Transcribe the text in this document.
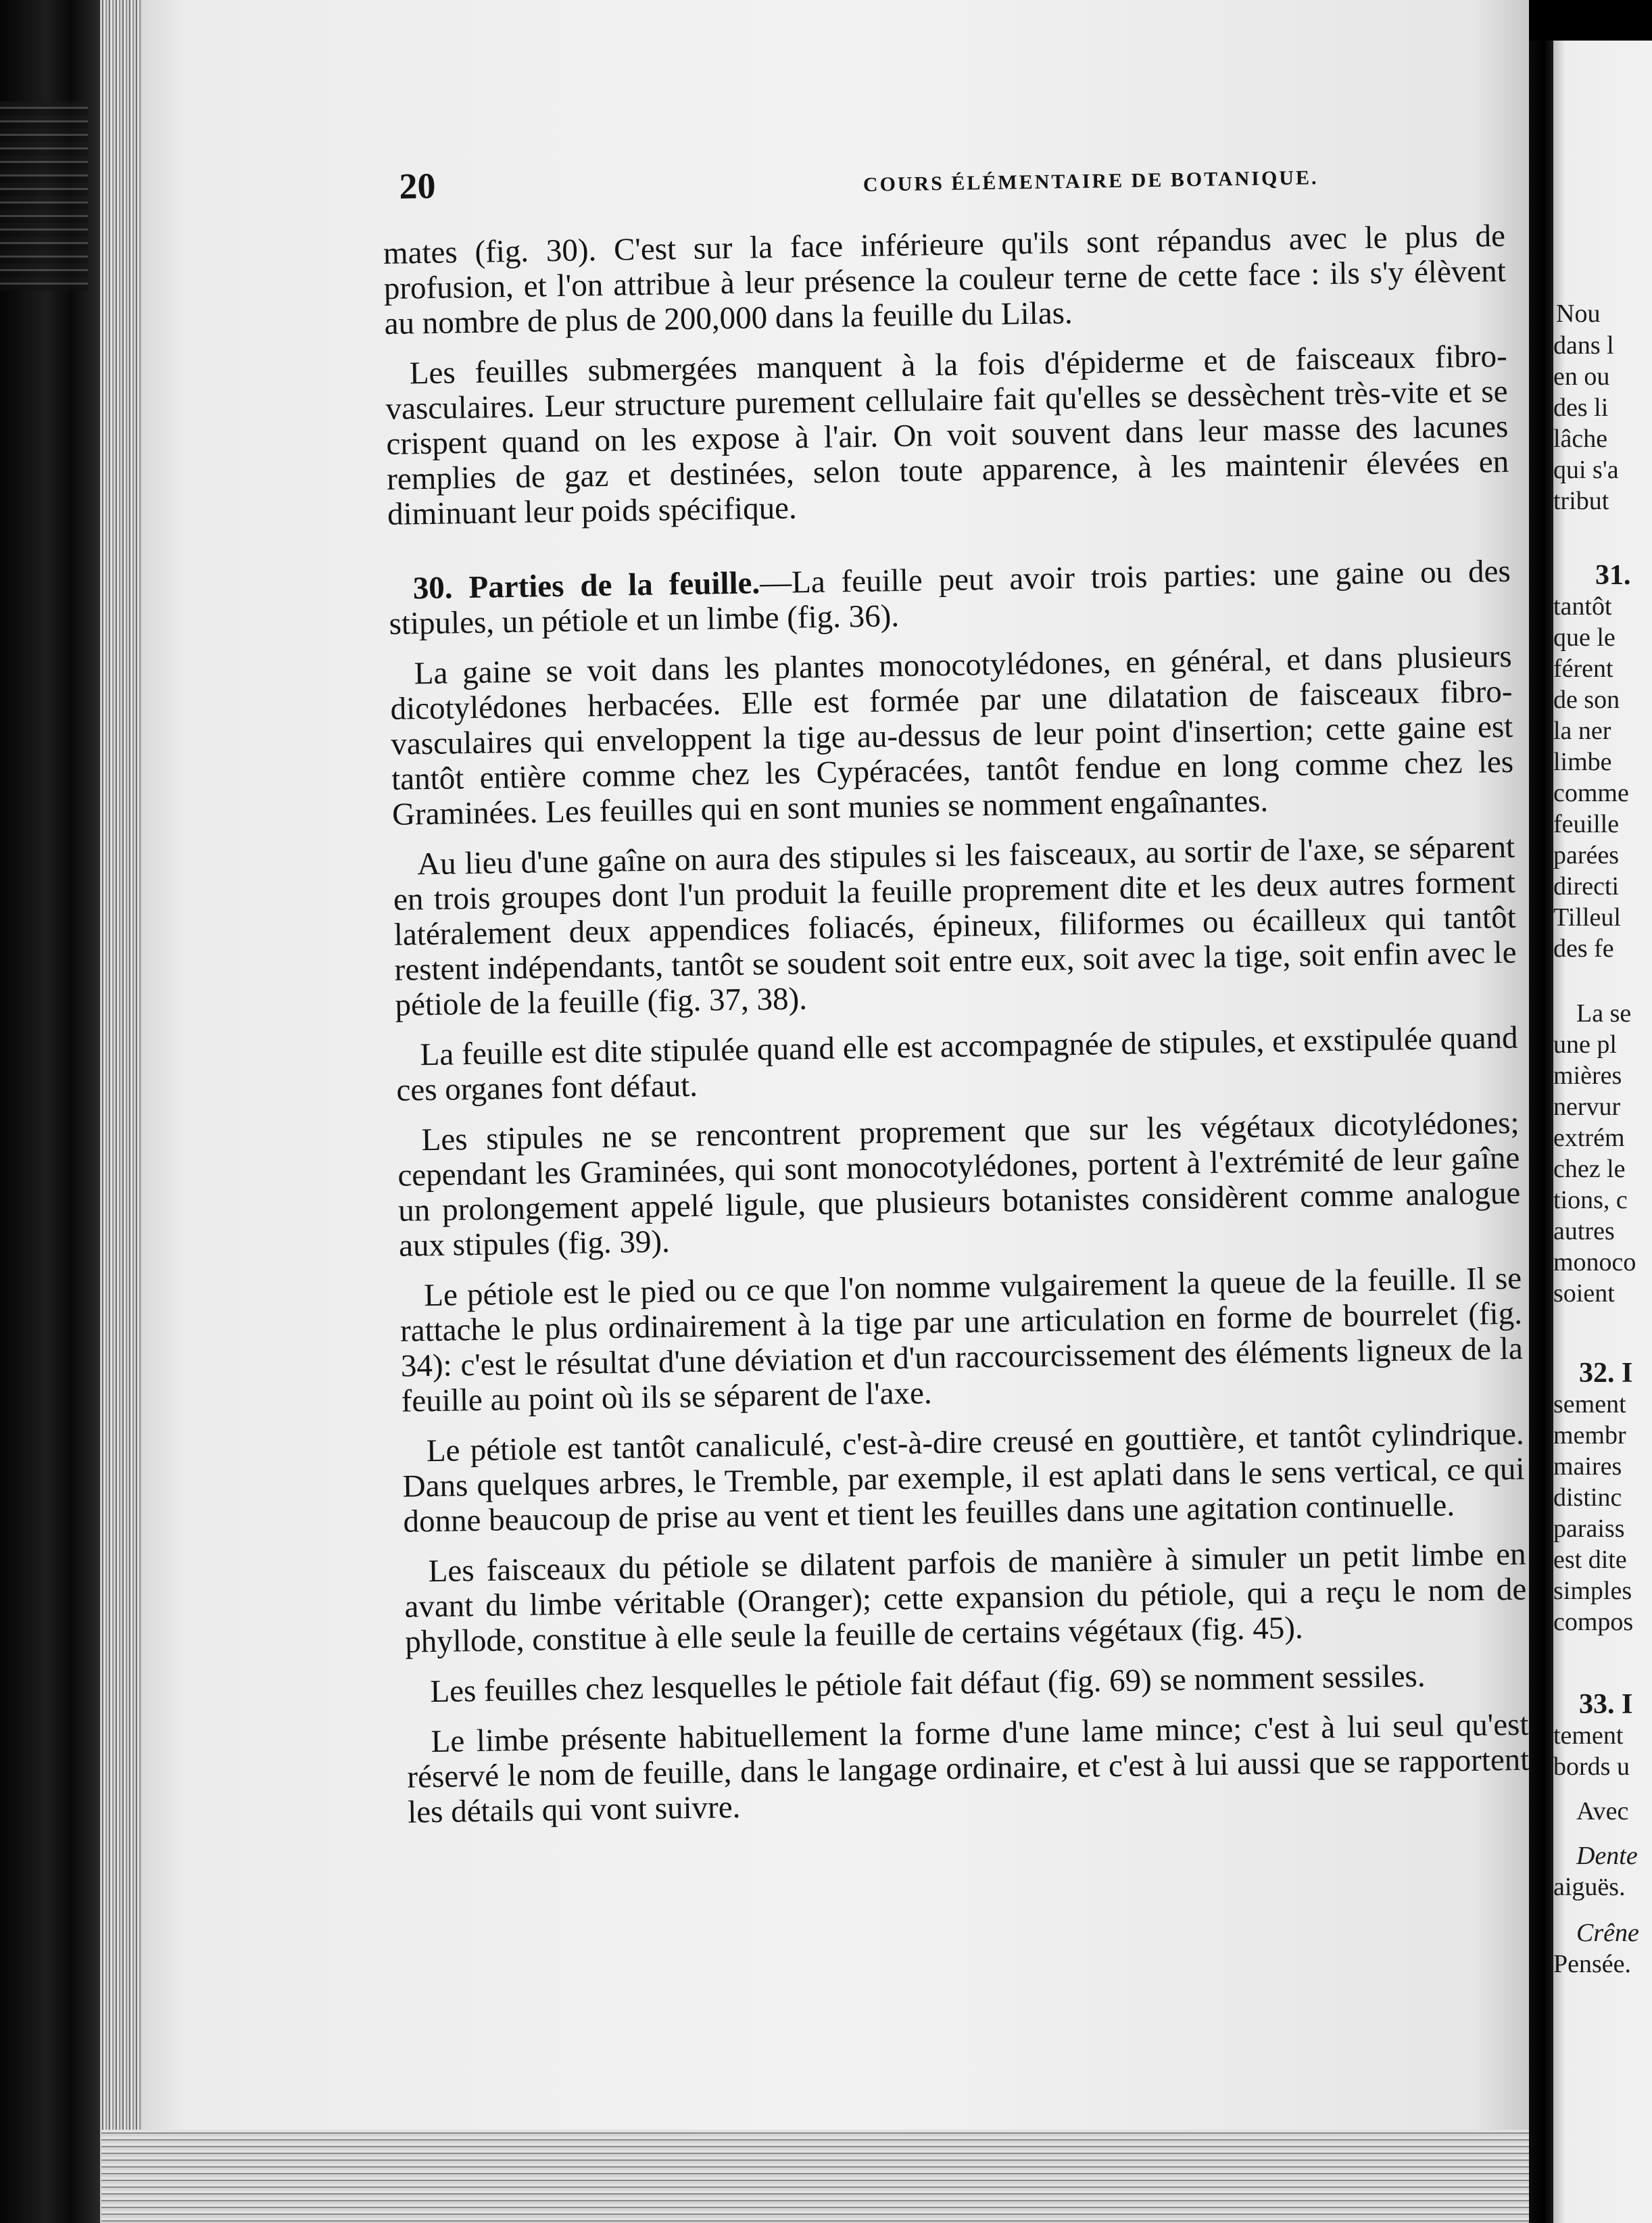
Nou
dans l
en ou
des li
lâche
qui s'a
tribut
31.
tantôt
que le
férent
de son
la ner
limbe
comme
feuille
parées
directi
Tilleul
des fe
La se
une pl
mières
nervur
extrém
chez le
tions, c
autres
monoco
soient
32. I
sement
membr
maires
distinc
paraiss
est dite
simples
compos
33. I
tement
bords u
Avec
Dente
aiguës.
Crêne
Pensée.
20	COURS ÉLÉMENTAIRE DE BOTANIQUE.

mates (fig. 30). C'est sur la face inférieure qu'ils sont répandus avec le plus de profusion, et l'on attribue à leur présence la couleur terne de cette face : ils s'y élèvent au nombre de plus de 200,000 dans la feuille du Lilas.

Les feuilles submergées manquent à la fois d'épiderme et de faisceaux fibro-vasculaires. Leur structure purement cellulaire fait qu'elles se dessèchent très-vite et se crispent quand on les expose à l'air. On voit souvent dans leur masse des lacunes remplies de gaz et destinées, selon toute apparence, à les maintenir élevées en diminuant leur poids spécifique.

30. Parties de la feuille.—La feuille peut avoir trois parties: une gaine ou des stipules, un pétiole et un limbe (fig. 36).

La gaine se voit dans les plantes monocotylédones, en général, et dans plusieurs dicotylédones herbacées. Elle est formée par une dilatation de faisceaux fibro-vasculaires qui enveloppent la tige au-dessus de leur point d'insertion; cette gaine est tantôt entière comme chez les Cypéracées, tantôt fendue en long comme chez les Graminées. Les feuilles qui en sont munies se nomment engaînantes.

Au lieu d'une gaîne on aura des stipules si les faisceaux, au sortir de l'axe, se séparent en trois groupes dont l'un produit la feuille proprement dite et les deux autres forment latéralement deux appendices foliacés, épineux, filiformes ou écailleux qui tantôt restent indépendants, tantôt se soudent soit entre eux, soit avec la tige, soit enfin avec le pétiole de la feuille (fig. 37, 38).

La feuille est dite stipulée quand elle est accompagnée de stipules, et exstipulée quand ces organes font défaut.

Les stipules ne se rencontrent proprement que sur les végétaux dicotylédones; cependant les Graminées, qui sont monocotylédones, portent à l'extrémité de leur gaîne un prolongement appelé ligule, que plusieurs botanistes considèrent comme analogue aux stipules (fig. 39).

Le pétiole est le pied ou ce que l'on nomme vulgairement la queue de la feuille. Il se rattache le plus ordinairement à la tige par une articulation en forme de bourrelet (fig. 34): c'est le résultat d'une déviation et d'un raccourcissement des éléments ligneux de la feuille au point où ils se séparent de l'axe.

Le pétiole est tantôt canaliculé, c'est-à-dire creusé en gouttière, et tantôt cylindrique. Dans quelques arbres, le Tremble, par exemple, il est aplati dans le sens vertical, ce qui donne beaucoup de prise au vent et tient les feuilles dans une agitation continuelle.

Les faisceaux du pétiole se dilatent parfois de manière à simuler un petit limbe en avant du limbe véritable (Oranger); cette expansion du pétiole, qui a reçu le nom de phyllode, constitue à elle seule la feuille de certains végétaux (fig. 45).

Les feuilles chez lesquelles le pétiole fait défaut (fig. 69) se nomment sessiles.

Le limbe présente habituellement la forme d'une lame mince; c'est à lui seul qu'est réservé le nom de feuille, dans le langage ordinaire, et c'est à lui aussi que se rapportent les détails qui vont suivre.
